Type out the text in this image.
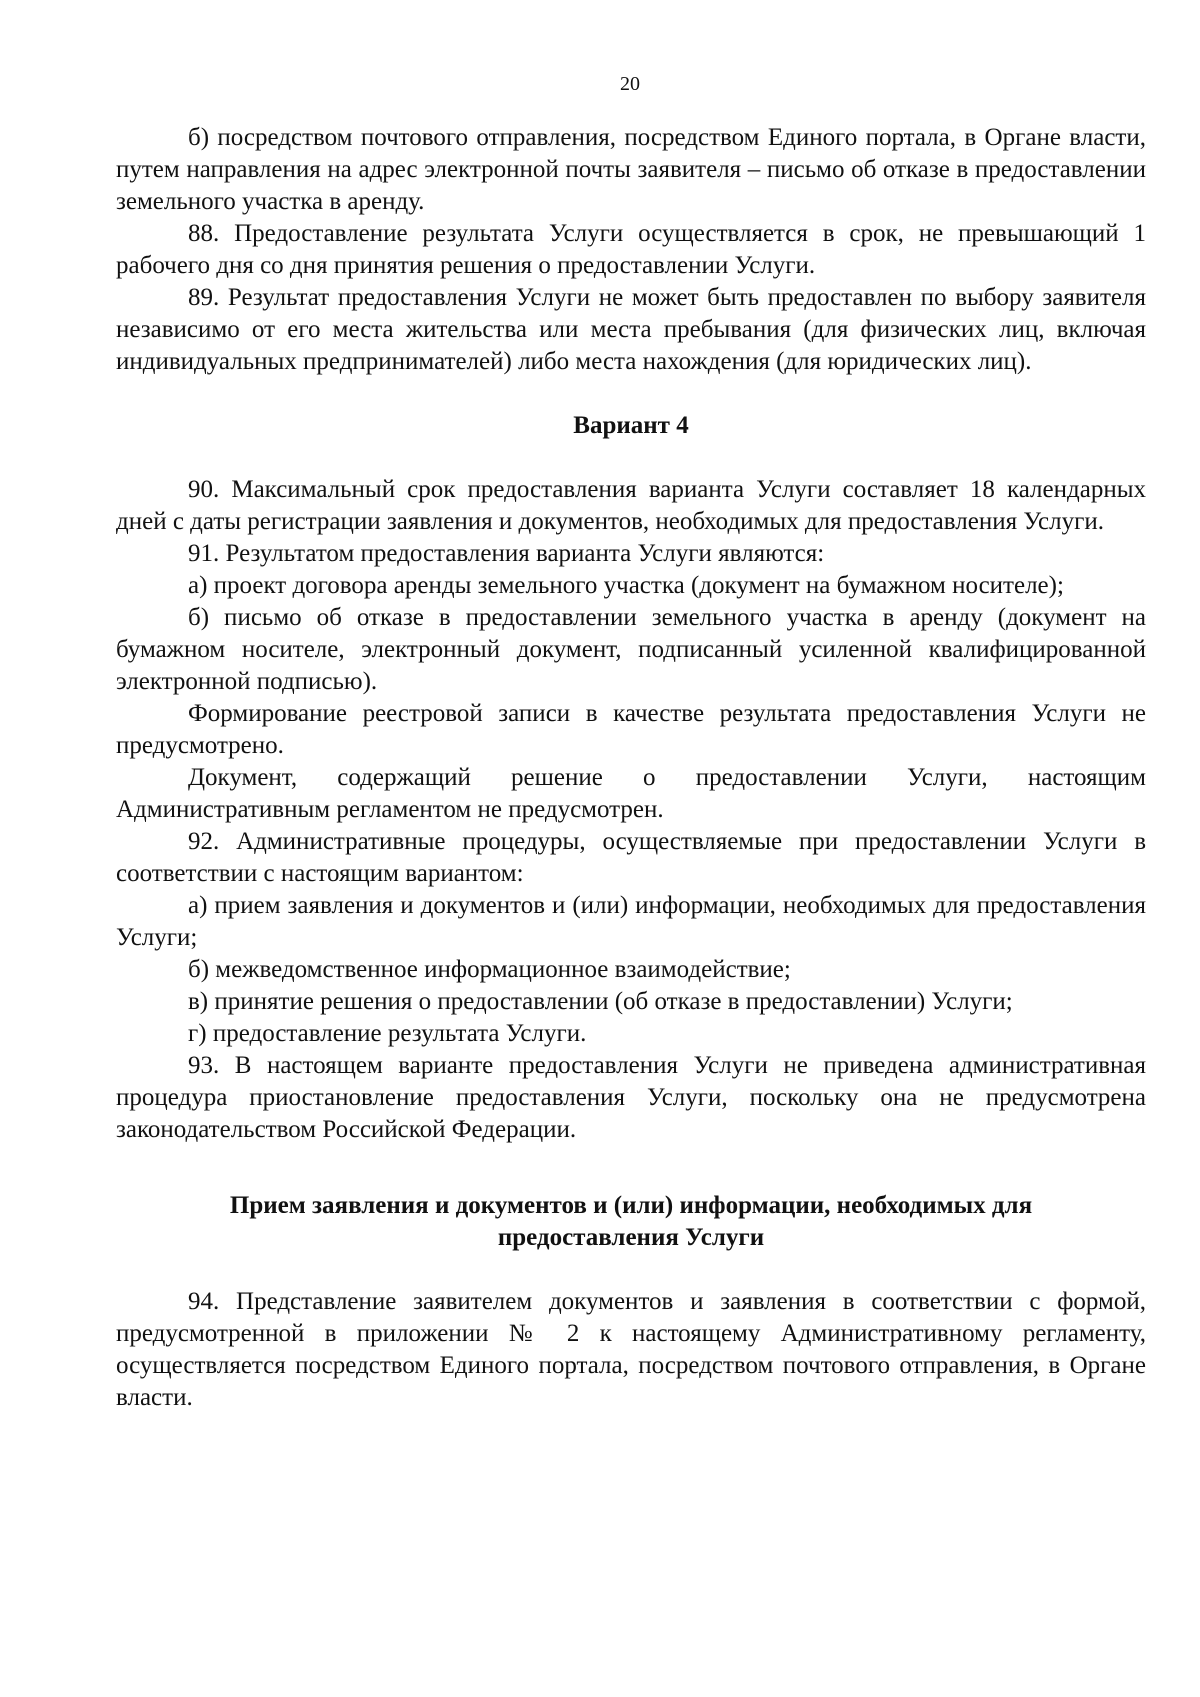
20

б) посредством почтового отправления, посредством Единого портала, в Органе власти, путем направления на адрес электронной почты заявителя – письмо об отказе в предоставлении земельного участка в аренду.

88. Предоставление результата Услуги осуществляется в срок, не превышающий 1 рабочего дня со дня принятия решения о предоставлении Услуги.

89. Результат предоставления Услуги не может быть предоставлен по выбору заявителя независимо от его места жительства или места пребывания (для физических лиц, включая индивидуальных предпринимателей) либо места нахождения (для юридических лиц).

Вариант 4

90. Максимальный срок предоставления варианта Услуги составляет 18 календарных дней с даты регистрации заявления и документов, необходимых для предоставления Услуги.

91. Результатом предоставления варианта Услуги являются:

а) проект договора аренды земельного участка (документ на бумажном носителе);

б) письмо об отказе в предоставлении земельного участка в аренду (документ на бумажном носителе, электронный документ, подписанный усиленной квалифицированной электронной подписью).

Формирование реестровой записи в качестве результата предоставления Услуги не предусмотрено.

Документ, содержащий решение о предоставлении Услуги, настоящим Административным регламентом не предусмотрен.

92. Административные процедуры, осуществляемые при предоставлении Услуги в соответствии с настоящим вариантом:

а) прием заявления и документов и (или) информации, необходимых для предоставления Услуги;

б) межведомственное информационное взаимодействие;

в) принятие решения о предоставлении (об отказе в предоставлении) Услуги;

г) предоставление результата Услуги.

93. В настоящем варианте предоставления Услуги не приведена административная процедура приостановление предоставления Услуги, поскольку она не предусмотрена законодательством Российской Федерации.

Прием заявления и документов и (или) информации, необходимых для предоставления Услуги

94. Представление заявителем документов и заявления в соответствии с формой, предусмотренной в приложении № 2 к настоящему Административному регламенту, осуществляется посредством Единого портала, посредством почтового отправления, в Органе власти.
